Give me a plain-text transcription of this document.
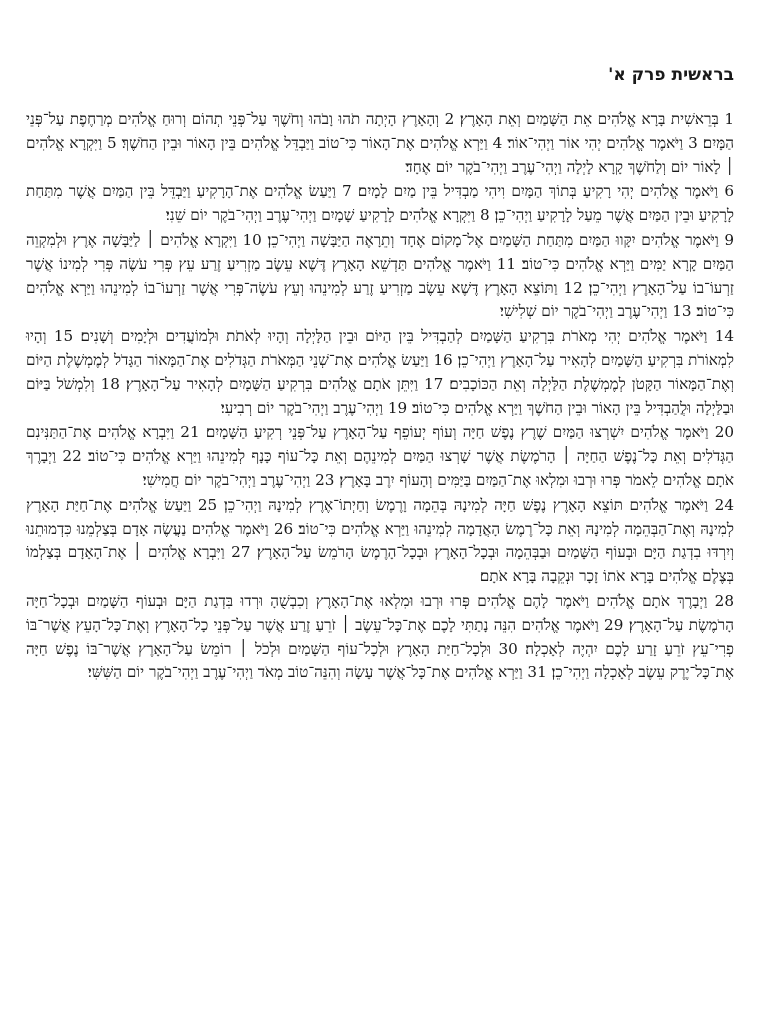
בראשית פרק א'

1 בְּרֵאשִׁית בָּרָא אֱלֹהִים אֵת הַשָּׁמַיִם וְאֵת הָאָרֶץ׃ 2 וְהָאָרֶץ הָיְתָה תֹהוּ וָבֹהוּ וְחֹשֶׁךְ עַל־פְּנֵי תְהוֹם וְרוּחַ אֱלֹהִים מְרַחֶפֶת עַל־פְּנֵי הַמָּיִם׃ 3 וַיֹּאמֶר אֱלֹהִים יְהִי אוֹר וַיְהִי־אוֹר׃ 4 וַיַּרְא אֱלֹהִים אֶת־הָאוֹר כִּי־טוֹב וַיַּבְדֵּל אֱלֹהִים בֵּין הָאוֹר וּבֵין הַחֹשֶׁךְ׃ 5 וַיִּקְרָא אֱלֹהִים ׀ לָאוֹר יוֹם וְלַחֹשֶׁךְ קָרָא לָיְלָה וַיְהִי־עֶרֶב וַיְהִי־בֹקֶר יוֹם אֶחָד׃

6 וַיֹּאמֶר אֱלֹהִים יְהִי רָקִיעַ בְּתוֹךְ הַמָּיִם וִיהִי מַבְדִּיל בֵּין מַיִם לָמָיִם׃ 7 וַיַּעַשׂ אֱלֹהִים אֶת־הָרָקִיעַ וַיַּבְדֵּל בֵּין הַמַּיִם אֲשֶׁר מִתַּחַת לָרָקִיעַ וּבֵין הַמַּיִם אֲשֶׁר מֵעַל לָרָקִיעַ וַיְהִי־כֵן׃ 8 וַיִּקְרָא אֱלֹהִים לָרָקִיעַ שָׁמָיִם וַיְהִי־עֶרֶב וַיְהִי־בֹקֶר יוֹם שֵׁנִי׃

9 וַיֹּאמֶר אֱלֹהִים יִקָּווּ הַמַּיִם מִתַּחַת הַשָּׁמַיִם אֶל־מָקוֹם אֶחָד וְתֵרָאֶה הַיַּבָּשָׁה וַיְהִי־כֵן׃ 10 וַיִּקְרָא אֱלֹהִים ׀ לַיַּבָּשָׁה אֶרֶץ וּלְמִקְוֵה הַמַּיִם קָרָא יַמִּים וַיַּרְא אֱלֹהִים כִּי־טוֹב׃ 11 וַיֹּאמֶר אֱלֹהִים תַּדְשֵׁא הָאָרֶץ דֶּשֶׁא עֵשֶׂב מַזְרִיעַ זֶרַע עֵץ פְּרִי עֹשֶׂה פְּרִי לְמִינוֹ אֲשֶׁר זַרְעוֹ־בוֹ עַל־הָאָרֶץ וַיְהִי־כֵן׃ 12 וַתּוֹצֵא הָאָרֶץ דֶּשֶׁא עֵשֶׂב מַזְרִיעַ זֶרַע לְמִינֵהוּ וְעֵץ עֹשֶׂה־פְּרִי אֲשֶׁר זַרְעוֹ־בוֹ לְמִינֵהוּ וַיַּרְא אֱלֹהִים כִּי־טוֹב׃ 13 וַיְהִי־עֶרֶב וַיְהִי־בֹקֶר יוֹם שְׁלִישִׁי׃

14 וַיֹּאמֶר אֱלֹהִים יְהִי מְאֹרֹת בִּרְקִיעַ הַשָּׁמַיִם לְהַבְדִּיל בֵּין הַיּוֹם וּבֵין הַלָּיְלָה וְהָיוּ לְאֹתֹת וּלְמוֹעֲדִים וּלְיָמִים וְשָׁנִים׃ 15 וְהָיוּ לִמְאוֹרֹת בִּרְקִיעַ הַשָּׁמַיִם לְהָאִיר עַל־הָאָרֶץ וַיְהִי־כֵן׃ 16 וַיַּעַשׂ אֱלֹהִים אֶת־שְׁנֵי הַמְּאֹרֹת הַגְּדֹלִים אֶת־הַמָּאוֹר הַגָּדֹל לְמֶמְשֶׁלֶת הַיּוֹם וְאֶת־הַמָּאוֹר הַקָּטֹן לְמֶמְשֶׁלֶת הַלַּיְלָה וְאֵת הַכּוֹכָבִים׃ 17 וַיִּתֵּן אֹתָם אֱלֹהִים בִּרְקִיעַ הַשָּׁמָיִם לְהָאִיר עַל־הָאָרֶץ׃ 18 וְלִמְשֹׁל בַּיּוֹם וּבַלַּיְלָה וּלֲהַבְדִּיל בֵּין הָאוֹר וּבֵין הַחֹשֶׁךְ וַיַּרְא אֱלֹהִים כִּי־טוֹב׃ 19 וַיְהִי־עֶרֶב וַיְהִי־בֹקֶר יוֹם רְבִיעִי׃

20 וַיֹּאמֶר אֱלֹהִים יִשְׁרְצוּ הַמַּיִם שֶׁרֶץ נֶפֶשׁ חַיָּה וְעוֹף יְעוֹפֵף עַל־הָאָרֶץ עַל־פְּנֵי רְקִיעַ הַשָּׁמָיִם׃ 21 וַיִּבְרָא אֱלֹהִים אֶת־הַתַּנִּינִם הַגְּדֹלִים וְאֵת כָּל־נֶפֶשׁ הַחַיָּה ׀ הָרֹמֶשֶׂת אֲשֶׁר שָׁרְצוּ הַמַּיִם לְמִינֵהֶם וְאֵת כָּל־עוֹף כָּנָף לְמִינֵהוּ וַיַּרְא אֱלֹהִים כִּי־טוֹב׃ 22 וַיְבָרֶךְ אֹתָם אֱלֹהִים לֵאמֹר פְּרוּ וּרְבוּ וּמִלְאוּ אֶת־הַמַּיִם בַּיַּמִּים וְהָעוֹף יִרֶב בָּאָרֶץ׃ 23 וַיְהִי־עֶרֶב וַיְהִי־בֹקֶר יוֹם חֲמִישִׁי׃

24 וַיֹּאמֶר אֱלֹהִים תּוֹצֵא הָאָרֶץ נֶפֶשׁ חַיָּה לְמִינָהּ בְּהֵמָה וָרֶמֶשׂ וְחַיְתוֹ־אֶרֶץ לְמִינָהּ וַיְהִי־כֵן׃ 25 וַיַּעַשׂ אֱלֹהִים אֶת־חַיַּת הָאָרֶץ לְמִינָהּ וְאֶת־הַבְּהֵמָה לְמִינָהּ וְאֵת כָּל־רֶמֶשׂ הָאֲדָמָה לְמִינֵהוּ וַיַּרְא אֱלֹהִים כִּי־טוֹב׃ 26 וַיֹּאמֶר אֱלֹהִים נַעֲשֶׂה אָדָם בְּצַלְמֵנוּ כִּדְמוּתֵנוּ וְיִרְדּוּ בִדְגַת הַיָּם וּבְעוֹף הַשָּׁמַיִם וּבַבְּהֵמָה וּבְכָל־הָאָרֶץ וּבְכָל־הָרֶמֶשׂ הָרֹמֵשׂ עַל־הָאָרֶץ׃ 27 וַיִּבְרָא אֱלֹהִים ׀ אֶת־הָאָדָם בְּצַלְמוֹ בְּצֶלֶם אֱלֹהִים בָּרָא אֹתוֹ זָכָר וּנְקֵבָה בָּרָא אֹתָם׃

28 וַיְבָרֶךְ אֹתָם אֱלֹהִים וַיֹּאמֶר לָהֶם אֱלֹהִים פְּרוּ וּרְבוּ וּמִלְאוּ אֶת־הָאָרֶץ וְכִבְשֻׁהָ וּרְדוּ בִּדְגַת הַיָּם וּבְעוֹף הַשָּׁמַיִם וּבְכָל־חַיָּה הָרֹמֶשֶׂת עַל־הָאָרֶץ׃ 29 וַיֹּאמֶר אֱלֹהִים הִנֵּה נָתַתִּי לָכֶם אֶת־כָּל־עֵשֶׂב ׀ זֹרֵעַ זֶרַע אֲשֶׁר עַל־פְּנֵי כָל־הָאָרֶץ וְאֶת־כָּל־הָעֵץ אֲשֶׁר־בּוֹ פְרִי־עֵץ זֹרֵעַ זָרַע לָכֶם יִהְיֶה לְאָכְלָה׃ 30 וּלְכָל־חַיַּת הָאָרֶץ וּלְכָל־עוֹף הַשָּׁמַיִם וּלְכֹל ׀ רוֹמֵשׂ עַל־הָאָרֶץ אֲשֶׁר־בּוֹ נֶפֶשׁ חַיָּה אֶת־כָּל־יֶרֶק עֵשֶׂב לְאָכְלָה וַיְהִי־כֵן׃ 31 וַיַּרְא אֱלֹהִים אֶת־כָּל־אֲשֶׁר עָשָׂה וְהִנֵּה־טוֹב מְאֹד וַיְהִי־עֶרֶב וַיְהִי־בֹקֶר יוֹם הַשִּׁשִּׁי׃
